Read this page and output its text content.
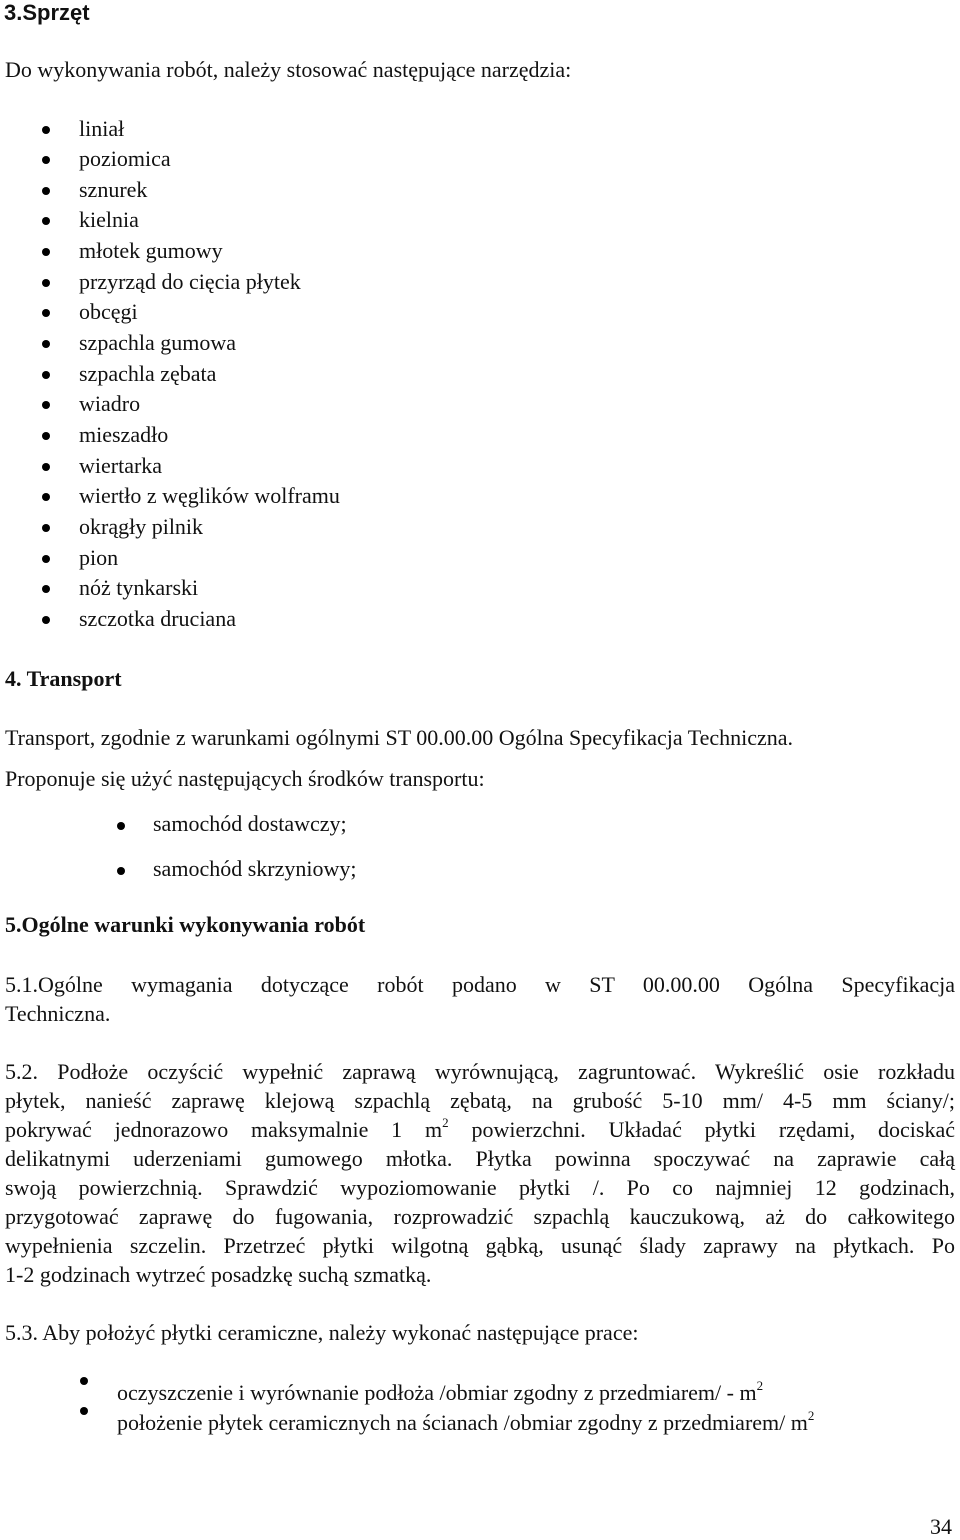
3.Sprzęt
Do wykonywania robót, należy stosować następujące narzędzia:
liniał
poziomica
sznurek
kielnia
młotek gumowy
przyrząd do cięcia płytek
obcęgi
szpachla gumowa
szpachla zębata
wiadro
mieszadło
wiertarka
wiertło z węglików wolframu
okrągły pilnik
pion
nóż tynkarski
szczotka druciana
4. Transport
Transport, zgodnie z warunkami ogólnymi ST 00.00.00 Ogólna Specyfikacja Techniczna.
Proponuje się użyć następujących środków transportu:
samochód dostawczy;
samochód skrzyniowy;
5.Ogólne warunki wykonywania robót
5.1.Ogólne wymagania dotyczące robót podano w ST 00.00.00 Ogólna Specyfikacja
Techniczna.
5.2. Podłoże oczyścić wypełnić zaprawą wyrównującą, zagruntować. Wykreślić osie rozkładu
płytek, nanieść zaprawę klejową szpachlą zębatą, na grubość 5-10 mm/ 4-5 mm ściany/;
pokrywać jednorazowo maksymalnie 1 $m^2$ powierzchni. Układać płytki rzędami, dociskać
delikatnymi uderzeniami gumowego młotka. Płytka powinna spoczywać na zaprawie całą
swoją powierzchnią. Sprawdzić wypoziomowanie płytki /. Po co najmniej 12 godzinach,
przygotować zaprawę do fugowania, rozprowadzić szpachlą kauczukową, aż do całkowitego
wypełnienia szczelin. Przetrzeć płytki wilgotną gąbką, usunąć ślady zaprawy na płytkach. Po
1-2 godzinach wytrzeć posadzkę suchą szmatką.
5.3. Aby położyć płytki ceramiczne, należy wykonać następujące prace:
oczyszczenie i wyrównanie podłoża /obmiar zgodny z przedmiarem/ - $m^2$
położenie płytek ceramicznych na ścianach /obmiar zgodny z przedmiarem/ $m^2$
34
